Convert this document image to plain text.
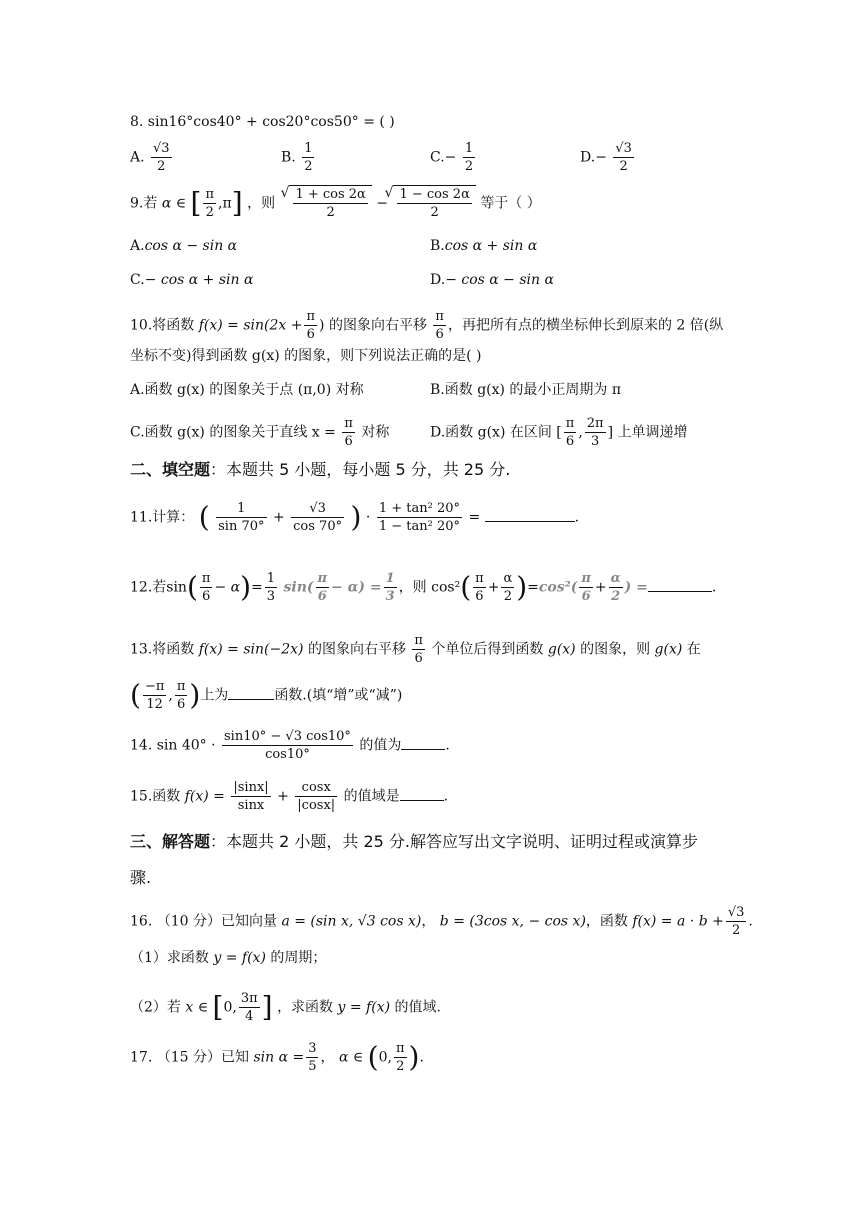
8. sin16°cos40° + cos20°cos50° = ( )
A. $\frac{√3}{2}$	B. $\frac{1}{2}$	$C.- \frac{1}{2}$	$D.- \frac{√3}{2}$
9.若 α ∈ [ $\frac{\pi}{2} ,\pi$] ，则 √ $\frac{1 + \cos 2\alpha}{2}$ − √ $\frac{1 - \cos 2\alpha}{2}$ 等于（ ）
A.cos α − sin α	B.cos α + sin α
C.− cos α + sin α	D.− cos α − sin α
10.将函数 $f(x) = \sin(2x + \frac{\pi}{6}$ ) 的图象向右平移 $\frac{\pi}{6}$ ，再把所有点的横坐标伸长到原来的 2 倍(纵
坐标不变)得到函数 g(x) 的图象，则下列说法正确的是( )
A.函数 g(x) 的图象关于点 (π,0) 对称	B.函数 g(x) 的最小正周期为 π
C.函数 g(x) 的图象关于直线 $x = \frac{\pi}{6}$ 对称	D.函数 g(x) 在区间 [ $\frac{\pi}{6}$ , $\frac{2\pi}{3}$ ] 上单调递增
二、填空题：本题共 5 小题，每小题 5 分，共 25 分.
11.计算： ( $\frac{1}{\sin 70^\circ} + \frac{√3}{\cos 70^\circ}$ ) · $\frac{\text{1 + tan² 20°}}{\text{1 − tan² 20°}}$ =	.
12.若$\sin( \frac{\pi}{6} - \alpha)= \frac{1}{3} \sin( \frac{\pi}{6} - \alpha) = \frac{1}{3}$ ，则 $\cos^2( \frac{\pi}{6} + \frac{\alpha}{2} )=\cos^2( \frac{\pi}{6} + \frac{\alpha}{2}$ ) =	.
13.将函数 f(x) = sin(−2x) 的图象向右平移 $\frac{\pi}{6}$ 个单位后得到函数 g(x) 的图象，则 g(x) 在
( $\frac{-\pi}{12}$ , $\frac{\pi}{6}$ )上为	函数.(填“增”或“减”)
14. $\sin 40^\circ \cdot \frac{\sin 10^\circ - √3 \cos 10^\circ}{\cos 10^\circ}$ 的值为	.
15.函数 $f(x) = \frac{|\sin x|}{\sin x} + \frac{\cos x}{|\cos x|}$ 的值域是	.
三、解答题：本题共 2 小题，共 25 分.解答应写出文字说明、证明过程或演算步
骤.
16. （10 分）已知向量 a = (sin x, √3 cos x)， b = (3cos x, − cos x)，函数 $f(x) = a \cdot b + \frac{√3}{2}$ .
（1）求函数 y = f(x) 的周期；
（2）若 x ∈ [0, $\frac{3\pi}{4}$ ] ，求函数 y = f(x) 的值域.
17. （15 分）已知 $\sin \alpha = \frac{3}{5}$ ， α ∈ (0, $\frac{\pi}{2}$ ).
